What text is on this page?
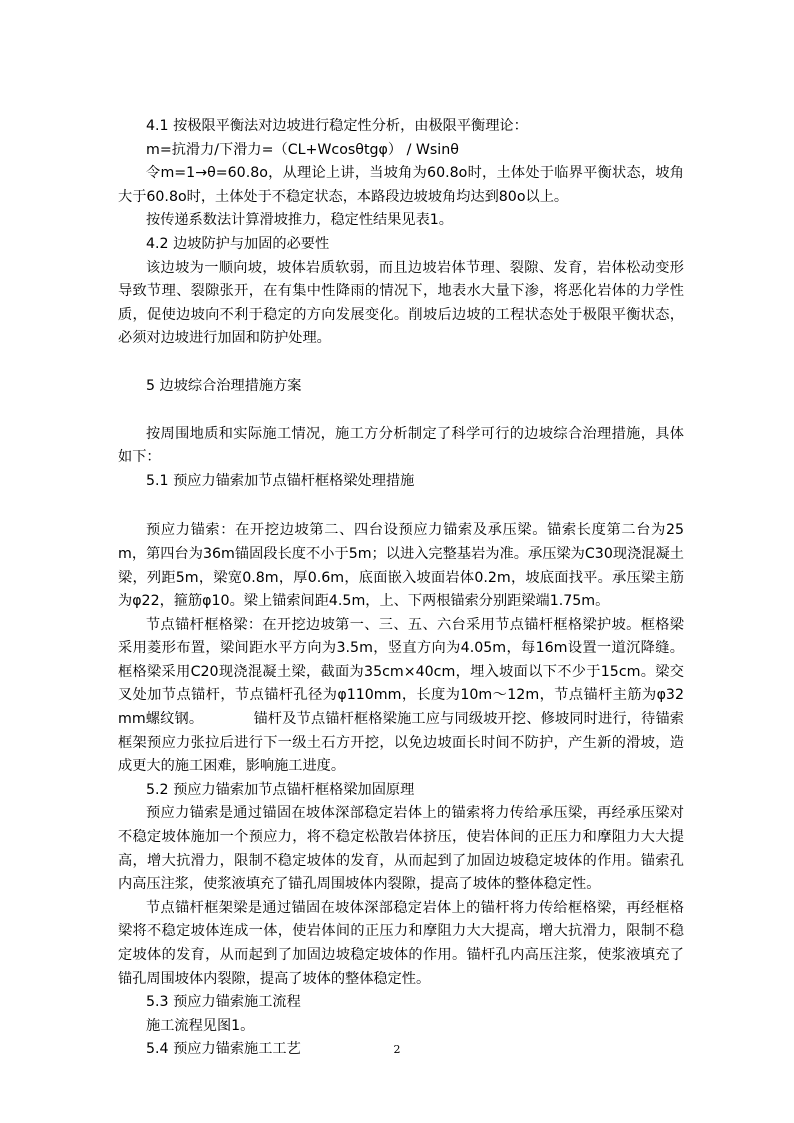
4.1 按极限平衡法对边坡进行稳定性分析，由极限平衡理论：

m=抗滑力/下滑力=（CL+Wcosθtgφ） / Wsinθ

令m=1→θ=60.8o，从理论上讲，当坡角为60.8o时，土体处于临界平衡状态，坡角大于60.8o时，土体处于不稳定状态，本路段边坡坡角均达到80o以上。

按传递系数法计算滑坡推力，稳定性结果见表1。

4.2 边坡防护与加固的必要性

该边坡为一顺向坡，坡体岩质软弱，而且边坡岩体节理、裂隙、发育，岩体松动变形导致节理、裂隙张开，在有集中性降雨的情况下，地表水大量下渗，将恶化岩体的力学性质，促使边坡向不利于稳定的方向发展变化。削坡后边坡的工程状态处于极限平衡状态，必须对边坡进行加固和防护处理。

5 边坡综合治理措施方案

按周围地质和实际施工情况，施工方分析制定了科学可行的边坡综合治理措施，具体如下：

5.1 预应力锚索加节点锚杆框格梁处理措施

预应力锚索：在开挖边坡第二、四台设预应力锚索及承压梁。锚索长度第二台为25m，第四台为36m锚固段长度不小于5m；以进入完整基岩为准。承压梁为C30现浇混凝土梁，列距5m，梁宽0.8m，厚0.6m，底面嵌入坡面岩体0.2m，坡底面找平。承压梁主筋为φ22，箍筋φ10。梁上锚索间距4.5m，上、下两根锚索分别距梁端1.75m。

节点锚杆框格梁：在开挖边坡第一、三、五、六台采用节点锚杆框格梁护坡。框格梁采用菱形布置，梁间距水平方向为3.5m，竖直方向为4.05m，每16m设置一道沉降缝。框格梁采用C20现浇混凝土梁，截面为35cm×40cm，埋入坡面以下不少于15cm。梁交叉处加节点锚杆，节点锚杆孔径为φ110mm，长度为10m～12m，节点锚杆主筋为φ32mm螺纹钢。　　　　锚杆及节点锚杆框格梁施工应与同级坡开挖、修坡同时进行，待锚索框架预应力张拉后进行下一级土石方开挖，以免边坡面长时间不防护，产生新的滑坡，造成更大的施工困难，影响施工进度。

5.2 预应力锚索加节点锚杆框格梁加固原理

预应力锚索是通过锚固在坡体深部稳定岩体上的锚索将力传给承压梁，再经承压梁对不稳定坡体施加一个预应力，将不稳定松散岩体挤压，使岩体间的正压力和摩阻力大大提高，增大抗滑力，限制不稳定坡体的发育，从而起到了加固边坡稳定坡体的作用。锚索孔内高压注浆，使浆液填充了锚孔周围坡体内裂隙，提高了坡体的整体稳定性。

节点锚杆框架梁是通过锚固在坡体深部稳定岩体上的锚杆将力传给框格梁，再经框格梁将不稳定坡体连成一体，使岩体间的正压力和摩阻力大大提高，增大抗滑力，限制不稳定坡体的发育，从而起到了加固边坡稳定坡体的作用。锚杆孔内高压注浆，使浆液填充了锚孔周围坡体内裂隙，提高了坡体的整体稳定性。

5.3 预应力锚索施工流程

施工流程见图1。

5.4 预应力锚索施工工艺	2
